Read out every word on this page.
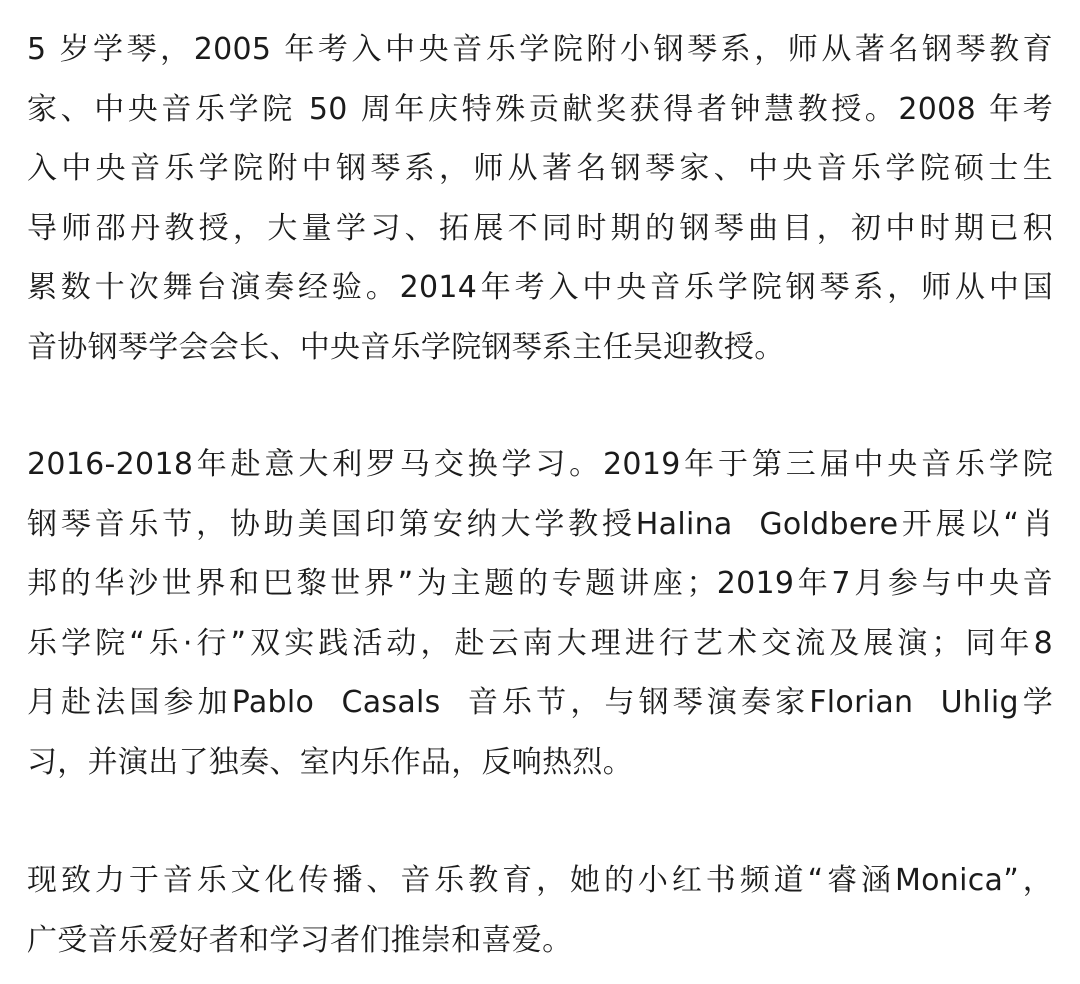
5 岁学琴，2005 年考入中央音乐学院附小钢琴系，师从著名钢琴教育
家、中央音乐学院 50 周年庆特殊贡献奖获得者钟慧教授。2008 年考
入中央音乐学院附中钢琴系，师从著名钢琴家、中央音乐学院硕士生
导师邵丹教授，大量学习、拓展不同时期的钢琴曲目，初中时期已积
累数十次舞台演奏经验。2014年考入中央音乐学院钢琴系，师从中国
音协钢琴学会会长、中央音乐学院钢琴系主任吴迎教授。
2016-2018年赴意大利罗马交换学习。2019年于第三届中央音乐学院
钢琴音乐节，协助美国印第安纳大学教授Halina  Goldbere开展以“肖
邦的华沙世界和巴黎世界”为主题的专题讲座；2019年7月参与中央音
乐学院“乐·行”双实践活动，赴云南大理进行艺术交流及展演；同年8
月赴法国参加Pablo  Casals  音乐节，与钢琴演奏家Florian  Uhlig学
习，并演出了独奏、室内乐作品，反响热烈。
现致力于音乐文化传播、音乐教育，她的小红书频道“睿涵Monica”，
广受音乐爱好者和学习者们推崇和喜爱。
